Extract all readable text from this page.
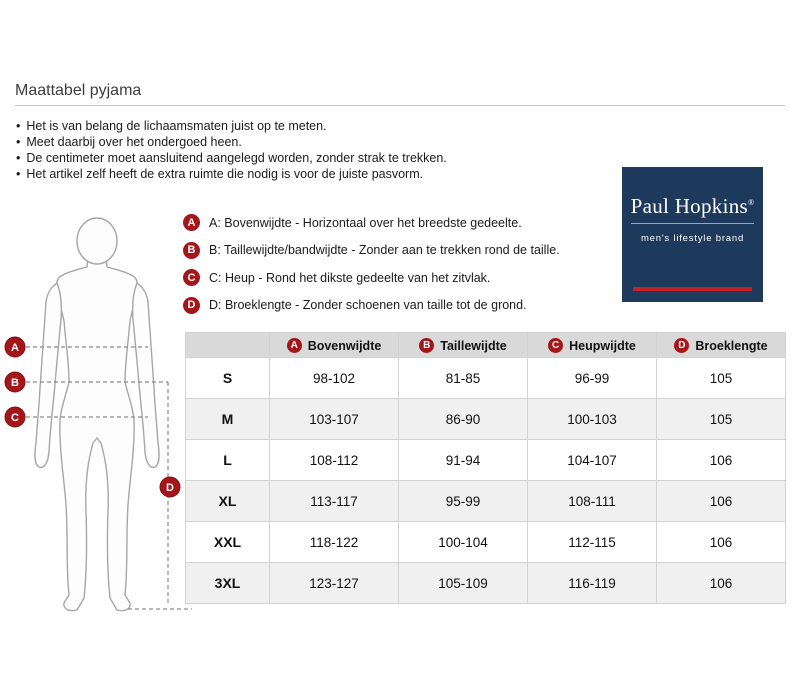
Maattabel pyjama
• Het is van belang de lichaamsmaten juist op te meten.
• Meet daarbij over het ondergoed heen.
• De centimeter moet aansluitend aangelegd worden, zonder strak te trekken.
• Het artikel zelf heeft de extra ruimte die nodig is voor de juiste pasvorm.
A
B
C
D
A	A: Bovenwijdte - Horizontaal over het breedste gedeelte.
B	B: Taillewijdte/bandwijdte - Zonder aan te trekken rond de taille.
C	C: Heup - Rond het dikste gedeelte van het zitvlak.
D	D: Broeklengte - Zonder schoenen van taille tot de grond.
Paul Hopkins®
men's lifestyle brand

A Bovenwijdte	B Taillewijdte	C Heupwijdte	D Broeklengte

S	98-102	81-85	96-99	105
M	103-107	86-90	100-103	105
L	108-112	91-94	104-107	106
XL	113-117	95-99	108-111	106
XXL	118-122	100-104	112-115	106
3XL	123-127	105-109	116-119	106
